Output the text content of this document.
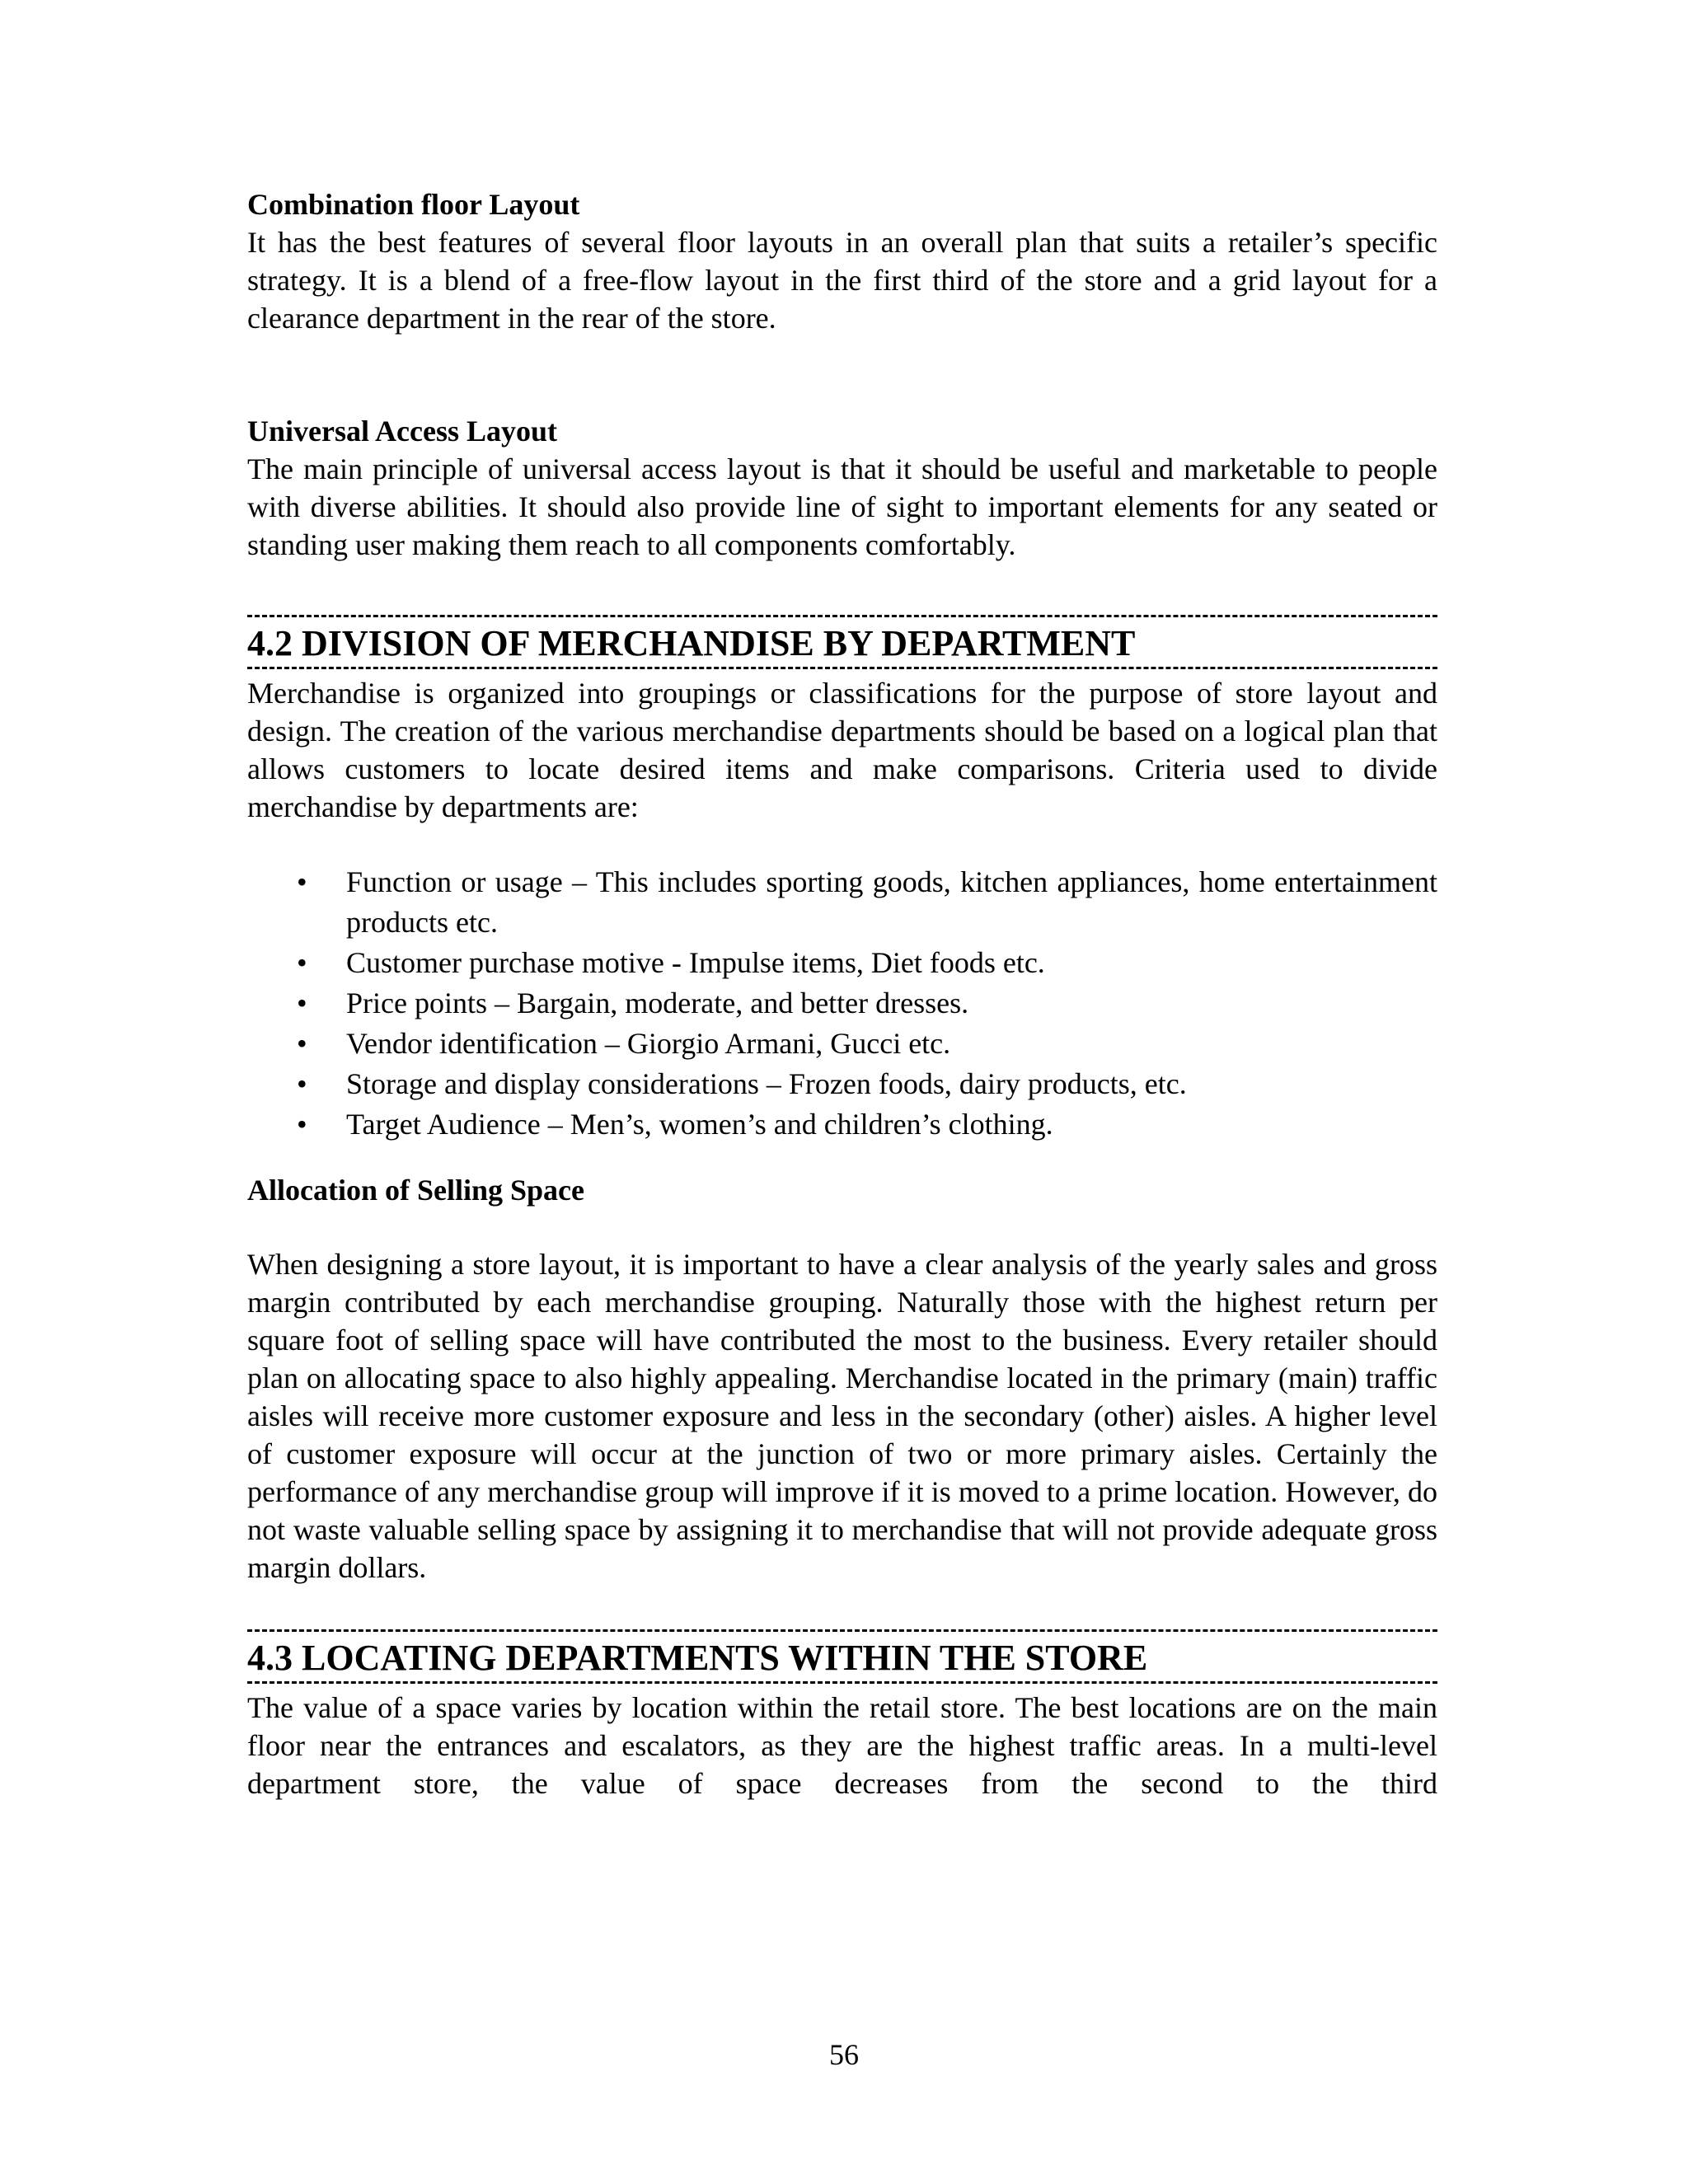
Combination floor Layout

It has the best features of several floor layouts in an overall plan that suits a retailer’s specific strategy. It is a blend of a free-flow layout in the first third of the store and a grid layout for a clearance department in the rear of the store.

Universal Access Layout

The main principle of universal access layout is that it should be useful and marketable to people with diverse abilities. It should also provide line of sight to important elements for any seated or standing user making them reach to all components comfortably.

4.2 DIVISION OF MERCHANDISE BY DEPARTMENT

Merchandise is organized into groupings or classifications for the purpose of store layout and design. The creation of the various merchandise departments should be based on a logical plan that allows customers to locate desired items and make comparisons. Criteria used to divide merchandise by departments are:

•	Function or usage – This includes sporting goods, kitchen appliances, home entertainment products etc.
•	Customer purchase motive - Impulse items, Diet foods etc.
•	Price points – Bargain, moderate, and better dresses.
•	Vendor identification – Giorgio Armani, Gucci etc.
•	Storage and display considerations – Frozen foods, dairy products, etc.
•	Target Audience – Men’s, women’s and children’s clothing.
Allocation of Selling Space

When designing a store layout, it is important to have a clear analysis of the yearly sales and gross margin contributed by each merchandise grouping. Naturally those with the highest return per square foot of selling space will have contributed the most to the business. Every retailer should plan on allocating space to also highly appealing. Merchandise located in the primary (main) traffic aisles will receive more customer exposure and less in the secondary (other) aisles. A higher level of customer exposure will occur at the junction of two or more primary aisles. Certainly the performance of any merchandise group will improve if it is moved to a prime location. However, do not waste valuable selling space by assigning it to merchandise that will not provide adequate gross margin dollars.

4.3 LOCATING DEPARTMENTS WITHIN THE STORE

The value of a space varies by location within the retail store. The best locations are on the main floor near the entrances and escalators, as they are the highest traffic areas. In a multi-level department store, the value of space decreases from the second to the third

56
